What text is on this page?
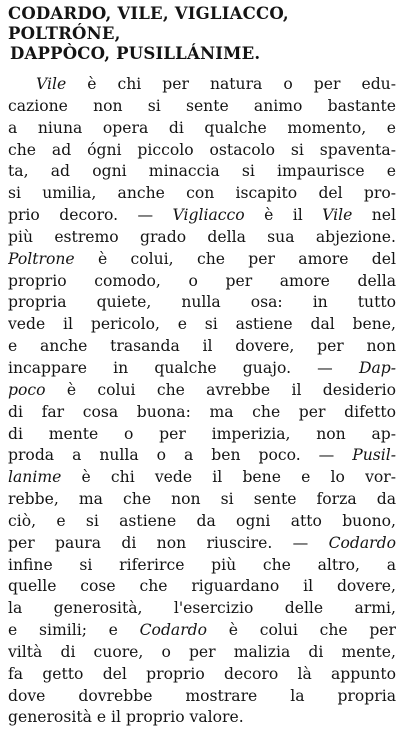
CODARDO, VILE, VIGLIACCO, POLTRÓNE,
DAPPÒCO, PUSILLÁNIME.
Vile è chi per natura o per edu-
cazione non si sente animo bastante
a niuna opera di qualche momento, e
che ad ógni piccolo ostacolo si spaventa-
ta, ad ogni minaccia si impaurisce e
si umilia, anche con iscapito del pro-
prio decoro. — Vigliacco è il Vile nel
più estremo grado della sua abjezione.
Poltrone è colui, che per amore del
proprio comodo, o per amore della
propria quiete, nulla osa: in tutto
vede il pericolo, e si astiene dal bene,
e anche trasanda il dovere, per non
incappare in qualche guajo. — Dap-
poco è colui che avrebbe il desiderio
di far cosa buona: ma che per difetto
di mente o per imperizia, non ap-
proda a nulla o a ben poco. — Pusil-
lanime è chi vede il bene e lo vor-
rebbe, ma che non si sente forza da
ciò, e si astiene da ogni atto buono,
per paura di non riuscire. — Codardo
infine si riferirce più che altro, a
quelle cose che riguardano il dovere,
la generosità, l'esercizio delle armi,
e simili; e Codardo è colui che per
viltà di cuore, o per malizia di mente,
fa getto del proprio decoro là appunto
dove dovrebbe mostrare la propria
generosità e il proprio valore.
